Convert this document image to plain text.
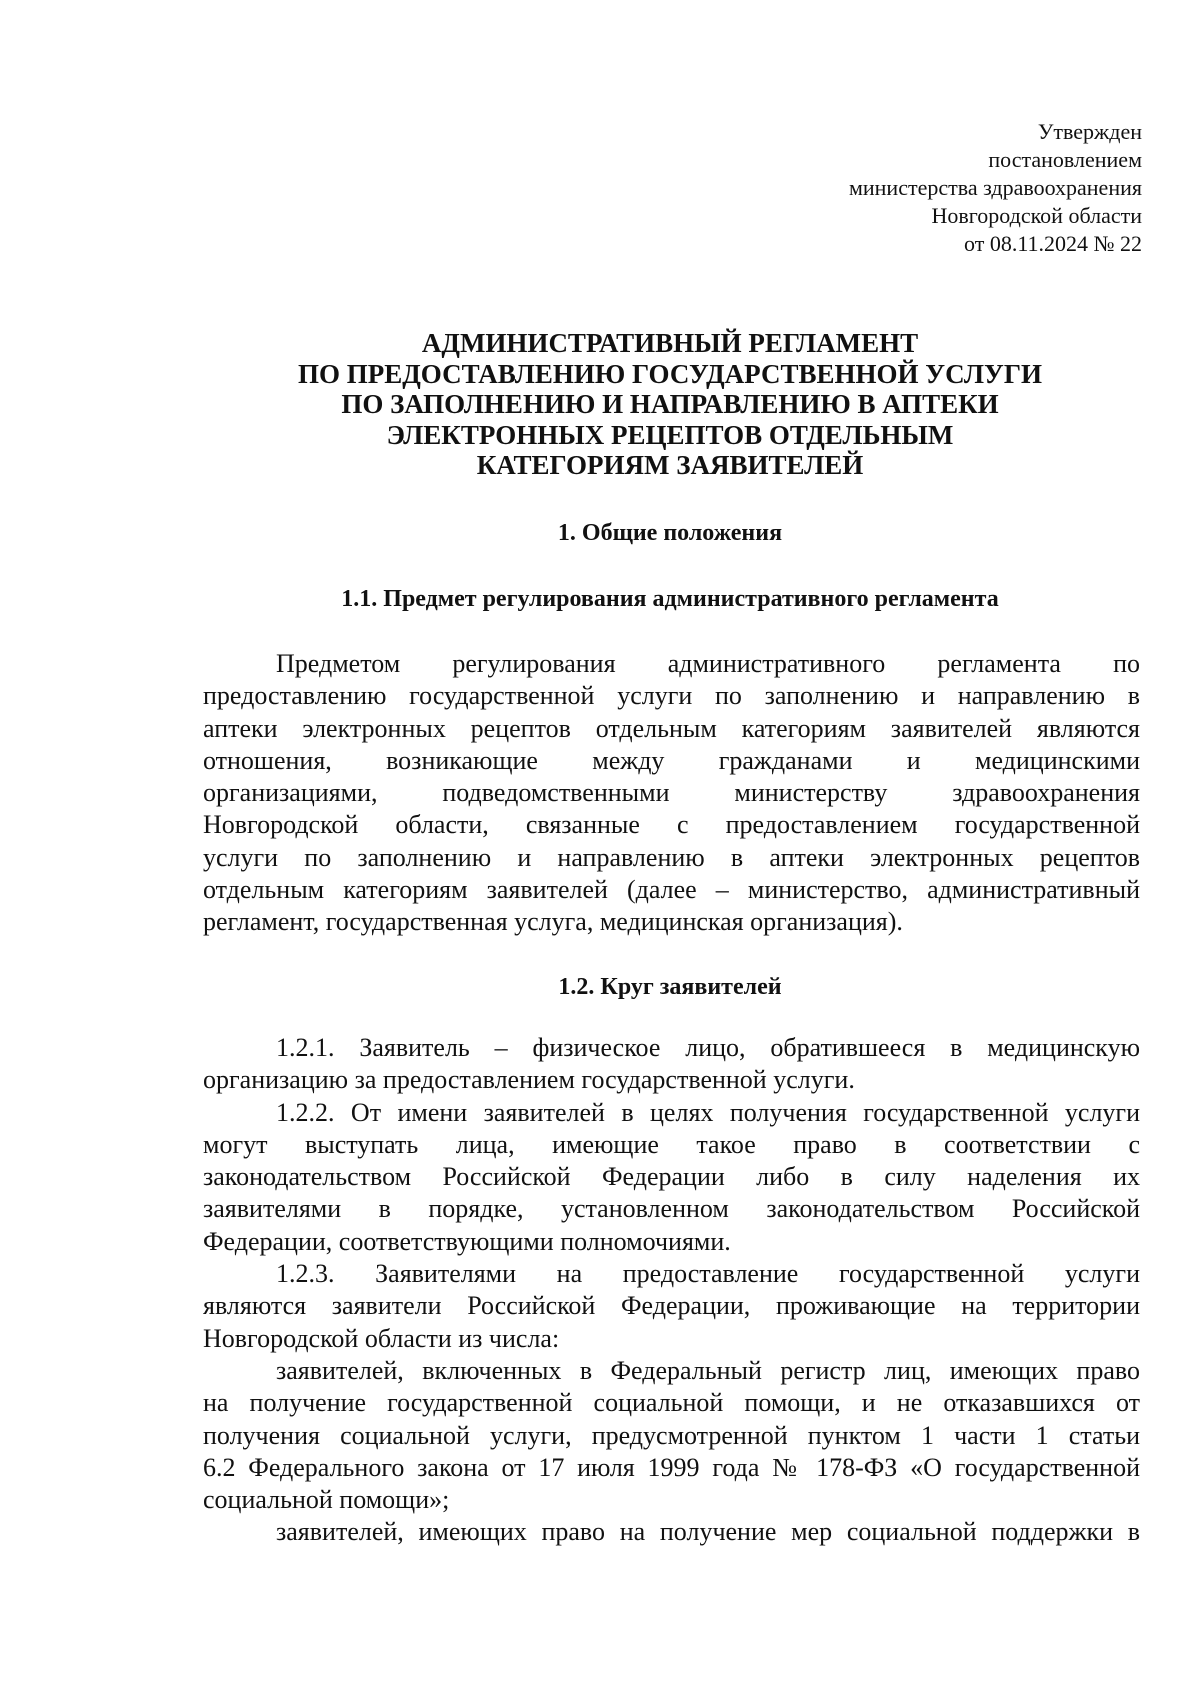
Утвержден
постановлением
министерства здравоохранения
Новгородской области
от 08.11.2024 № 22
АДМИНИСТРАТИВНЫЙ РЕГЛАМЕНТ
ПО ПРЕДОСТАВЛЕНИЮ ГОСУДАРСТВЕННОЙ УСЛУГИ
ПО ЗАПОЛНЕНИЮ И НАПРАВЛЕНИЮ В АПТЕКИ
ЭЛЕКТРОННЫХ РЕЦЕПТОВ ОТДЕЛЬНЫМ
КАТЕГОРИЯМ ЗАЯВИТЕЛЕЙ
1. Общие положения
1.1. Предмет регулирования административного регламента
Предметом регулирования административного регламента по
предоставлению государственной услуги по заполнению и направлению в
аптеки электронных рецептов отдельным категориям заявителей являются
отношения, возникающие между гражданами и медицинскими
организациями, подведомственными министерству здравоохранения
Новгородской области, связанные с предоставлением государственной
услуги по заполнению и направлению в аптеки электронных рецептов
отдельным категориям заявителей (далее – министерство, административный
регламент, государственная услуга, медицинская организация).
1.2. Круг заявителей
1.2.1. Заявитель – физическое лицо, обратившееся в медицинскую
организацию за предоставлением государственной услуги.
1.2.2. От имени заявителей в целях получения государственной услуги
могут выступать лица, имеющие такое право в соответствии с
законодательством Российской Федерации либо в силу наделения их
заявителями в порядке, установленном законодательством Российской
Федерации, соответствующими полномочиями.
1.2.3. Заявителями на предоставление государственной услуги
являются заявители Российской Федерации, проживающие на территории
Новгородской области из числа:
заявителей, включенных в Федеральный регистр лиц, имеющих право
на получение государственной социальной помощи, и не отказавшихся от
получения социальной услуги, предусмотренной пунктом 1 части 1 статьи
6.2 Федерального закона от 17 июля 1999 года № 178-ФЗ «О государственной
социальной помощи»;
заявителей, имеющих право на получение мер социальной поддержки в
